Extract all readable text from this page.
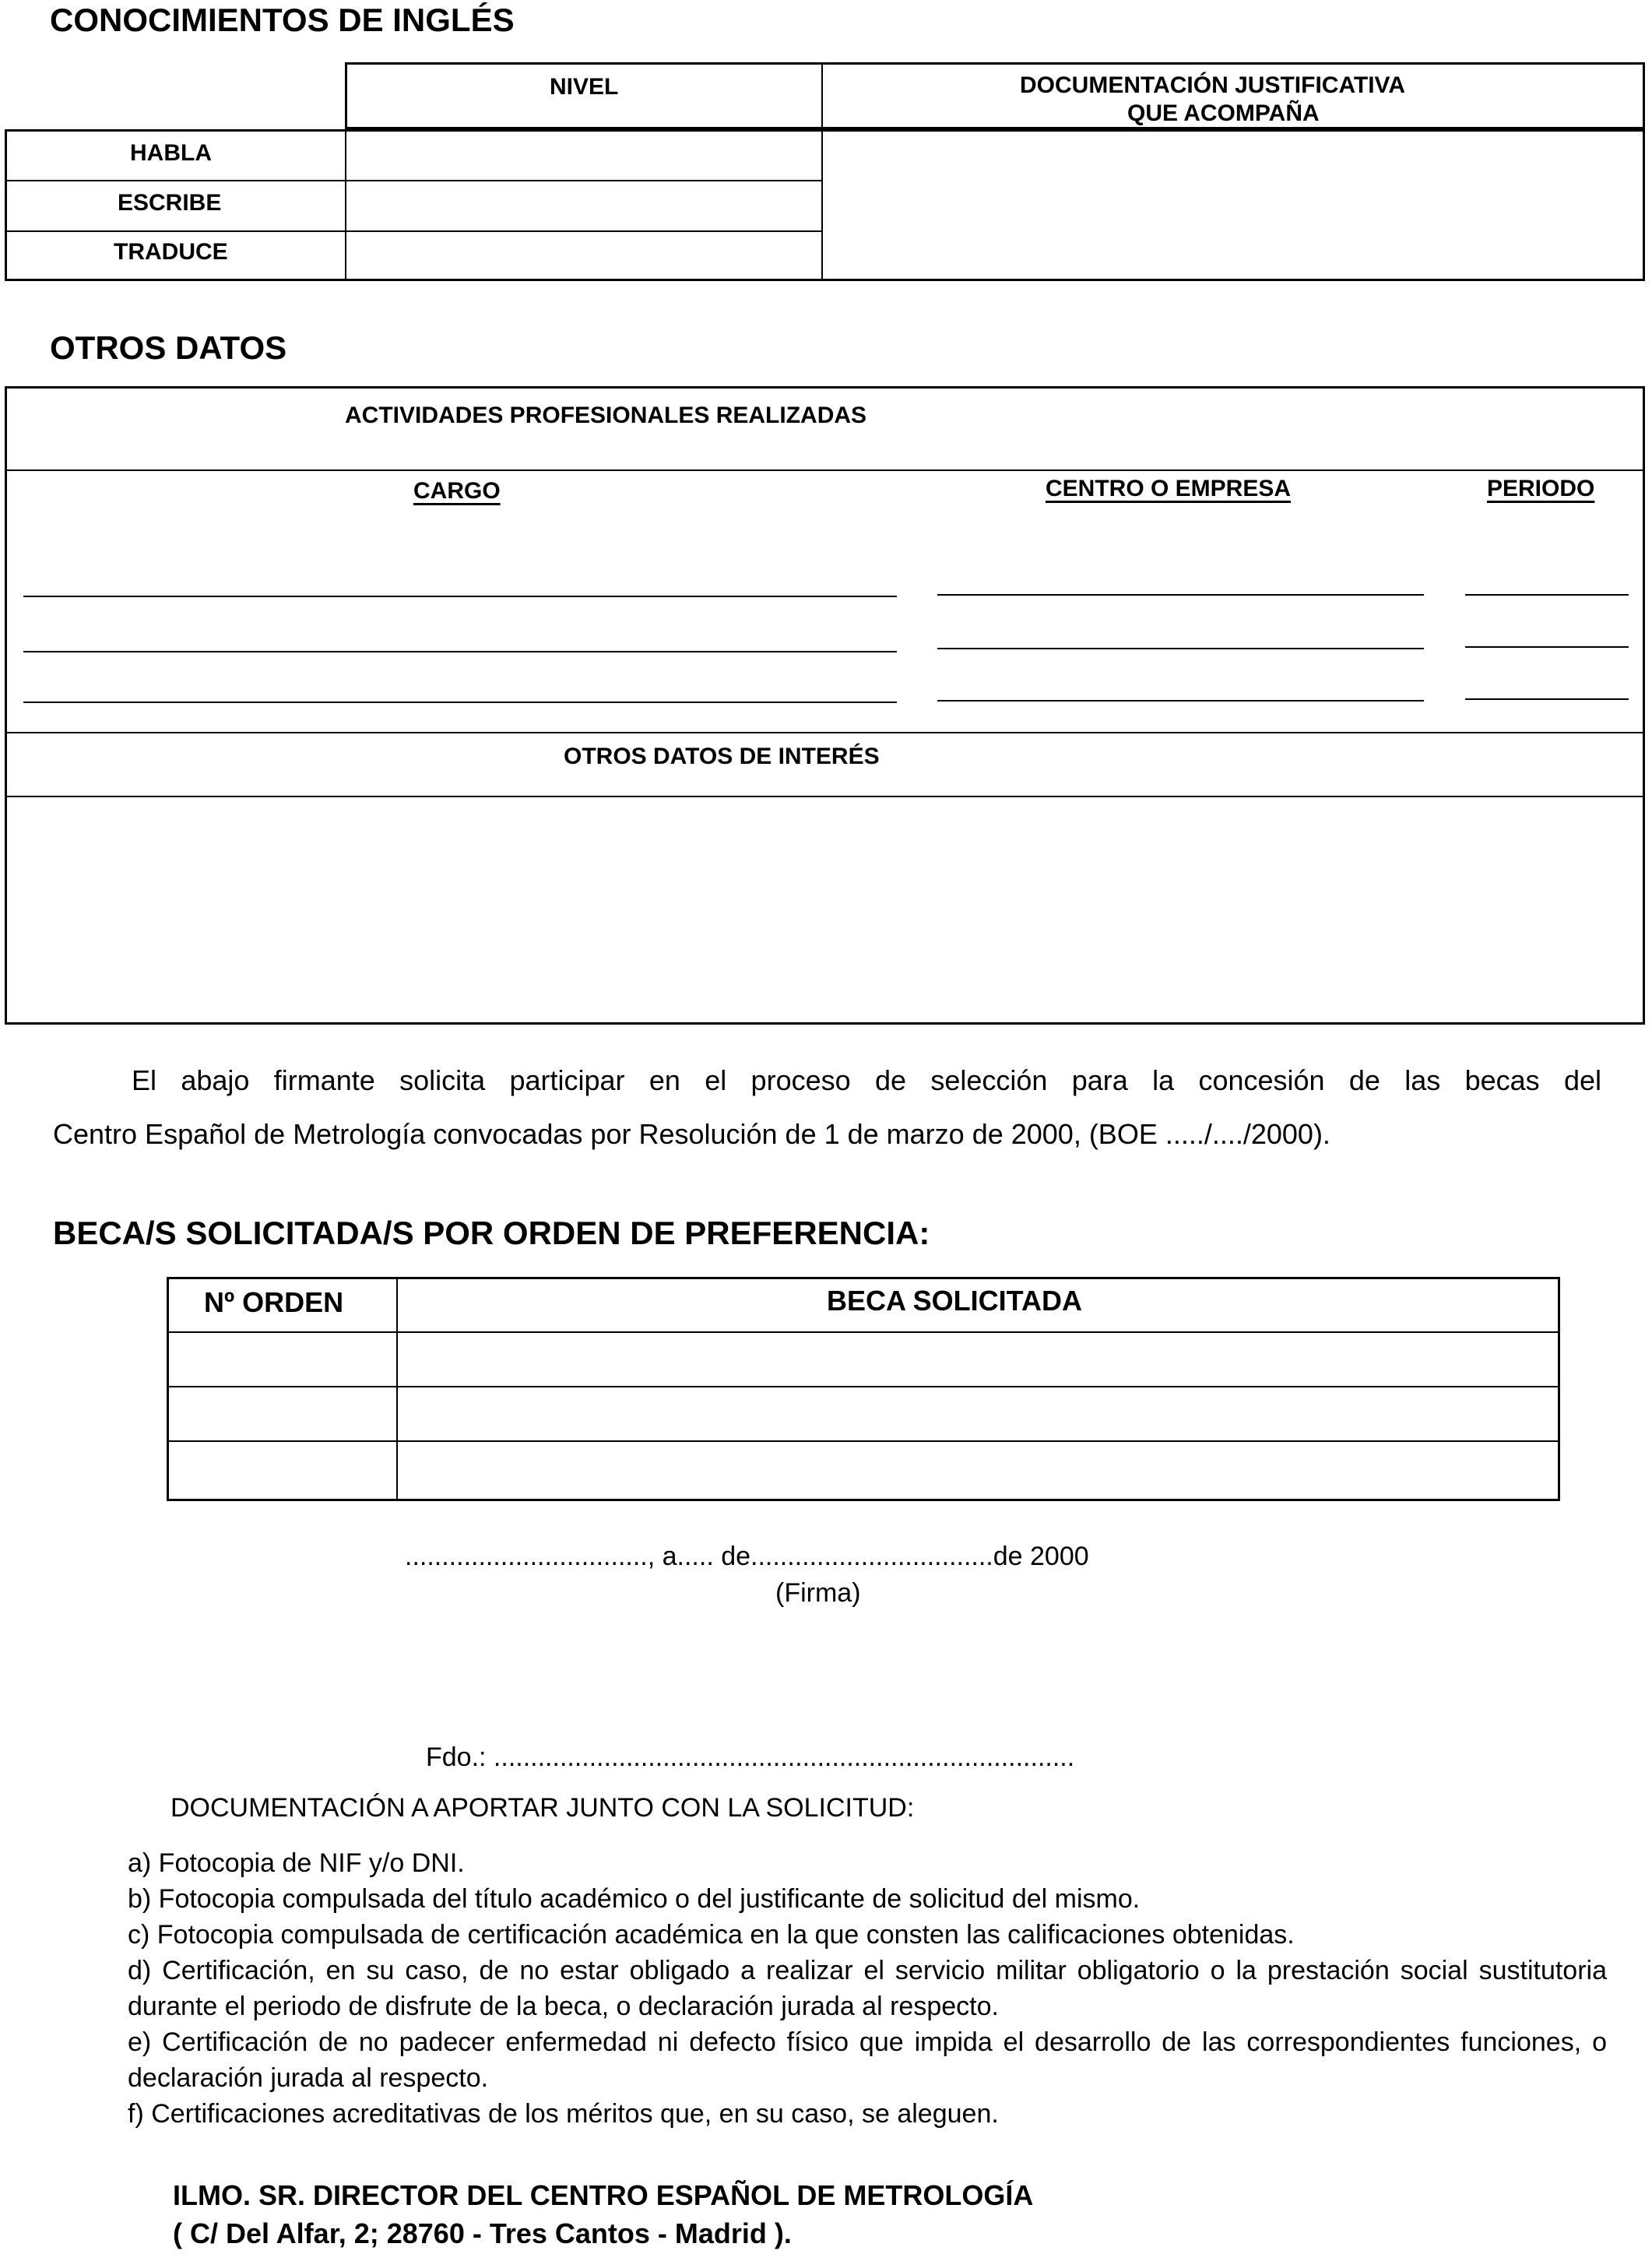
CONOCIMIENTOS DE INGLÉS
NIVEL	DOCUMENTACIÓN JUSTIFICATIVA
QUE ACOMPAÑA
HABLA
ESCRIBE
TRADUCE
OTROS DATOS
ACTIVIDADES PROFESIONALES REALIZADAS
CARGO	CENTRO O EMPRESA	PERIODO
OTROS DATOS DE INTERÉS
El abajo firmante solicita participar en el proceso de selección para la concesión de las becas del
Centro Español de Metrología convocadas por Resolución de 1 de marzo de 2000, (BOE ...../..../2000).
BECA/S SOLICITADA/S POR ORDEN DE PREFERENCIA:
Nº ORDEN	BECA SOLICITADA
................................., a..... de.................................de 2000
(Firma)
Fdo.: ...............................................................................
DOCUMENTACIÓN A APORTAR JUNTO CON LA SOLICITUD:
a) Fotocopia de NIF y/o DNI.
b) Fotocopia compulsada del título académico o del justificante de solicitud del mismo.
c) Fotocopia compulsada de certificación académica en la que consten las calificaciones obtenidas.
d) Certificación, en su caso, de no estar obligado a realizar el servicio militar obligatorio o la prestación social sustitutoria durante el periodo de disfrute de la beca, o declaración jurada al respecto.
e) Certificación de no padecer enfermedad ni defecto físico que impida el desarrollo de las correspondientes funciones, o declaración jurada al respecto.
f) Certificaciones acreditativas de los méritos que, en su caso, se aleguen.
ILMO. SR. DIRECTOR DEL CENTRO ESPAÑOL DE METROLOGÍA
( C/ Del Alfar, 2; 28760 - Tres Cantos - Madrid ).
